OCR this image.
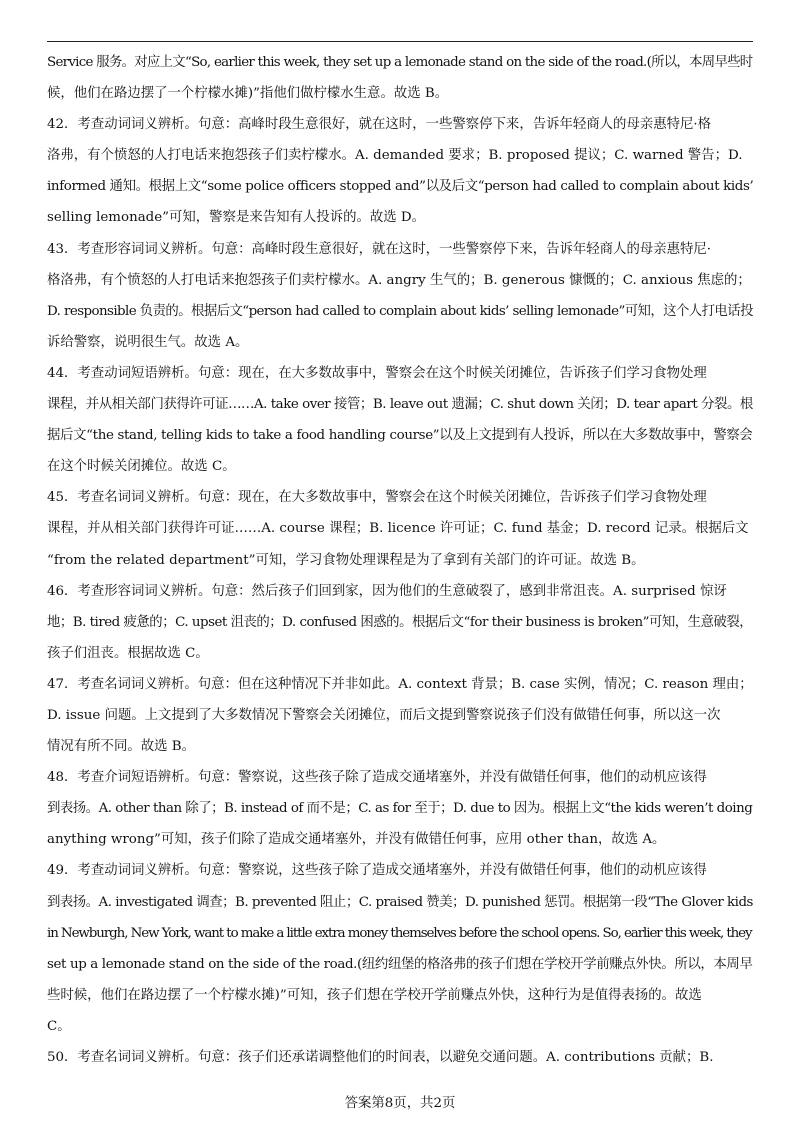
Service 服务。对应上文“So, earlier this week, they set up a lemonade stand on the side of the road.(所以，本周早些时
候，他们在路边摆了一个柠檬水摊)”指他们做柠檬水生意。故选 B。
42．考查动词词义辨析。句意：高峰时段生意很好，就在这时，一些警察停下来，告诉年轻商人的母亲惠特尼·格
洛弗，有个愤怒的人打电话来抱怨孩子们卖柠檬水。A. demanded 要求；B. proposed 提议；C. warned 警告；D.
informed 通知。根据上文“some police officers stopped and”以及后文“person had called to complain about kids’
selling lemonade”可知，警察是来告知有人投诉的。故选 D。
43．考查形容词词义辨析。句意：高峰时段生意很好，就在这时，一些警察停下来，告诉年轻商人的母亲惠特尼·
格洛弗，有个愤怒的人打电话来抱怨孩子们卖柠檬水。A. angry 生气的；B. generous 慷慨的；C. anxious 焦虑的；
D. responsible 负责的。根据后文“person had called to complain about kids’ selling lemonade”可知，这个人打电话投
诉给警察，说明很生气。故选 A。
44．考查动词短语辨析。句意：现在，在大多数故事中，警察会在这个时候关闭摊位，告诉孩子们学习食物处理
课程，并从相关部门获得许可证……A. take over 接管；B. leave out 遗漏；C. shut down 关闭；D. tear apart 分裂。根
据后文“the stand, telling kids to take a food handling course”以及上文提到有人投诉，所以在大多数故事中，警察会
在这个时候关闭摊位。故选 C。
45．考查名词词义辨析。句意：现在，在大多数故事中，警察会在这个时候关闭摊位，告诉孩子们学习食物处理
课程，并从相关部门获得许可证……A. course 课程；B. licence 许可证；C. fund 基金；D. record 记录。根据后文
“from the related department”可知，学习食物处理课程是为了拿到有关部门的许可证。故选 B。
46．考查形容词词义辨析。句意：然后孩子们回到家，因为他们的生意破裂了，感到非常沮丧。A. surprised 惊讶
地；B. tired 疲惫的；C. upset 沮丧的；D. confused 困惑的。根据后文“for their business is broken”可知，生意破裂，
孩子们沮丧。根据故选 C。
47．考查名词词义辨析。句意：但在这种情况下并非如此。A. context 背景；B. case 实例，情况；C. reason 理由；
D. issue 问题。上文提到了大多数情况下警察会关闭摊位，而后文提到警察说孩子们没有做错任何事，所以这一次
情况有所不同。故选 B。
48．考查介词短语辨析。句意：警察说，这些孩子除了造成交通堵塞外，并没有做错任何事，他们的动机应该得
到表扬。A. other than 除了；B. instead of 而不是；C. as for 至于；D. due to 因为。根据上文“the kids weren’t doing
anything wrong”可知，孩子们除了造成交通堵塞外，并没有做错任何事，应用 other than，故选 A。
49．考查动词词义辨析。句意：警察说，这些孩子除了造成交通堵塞外，并没有做错任何事，他们的动机应该得
到表扬。A. investigated 调查；B. prevented 阻止；C. praised 赞美；D. punished 惩罚。根据第一段“The Glover kids
in Newburgh, New York, want to make a little extra money themselves before the school opens. So, earlier this week, they
set up a lemonade stand on the side of the road.(纽约纽堡的格洛弗的孩子们想在学校开学前赚点外快。所以，本周早
些时候，他们在路边摆了一个柠檬水摊)”可知，孩子们想在学校开学前赚点外快，这种行为是值得表扬的。故选
C。
50．考查名词词义辨析。句意：孩子们还承诺调整他们的时间表，以避免交通问题。A. contributions 贡献；B.
答案第8页，共2页
